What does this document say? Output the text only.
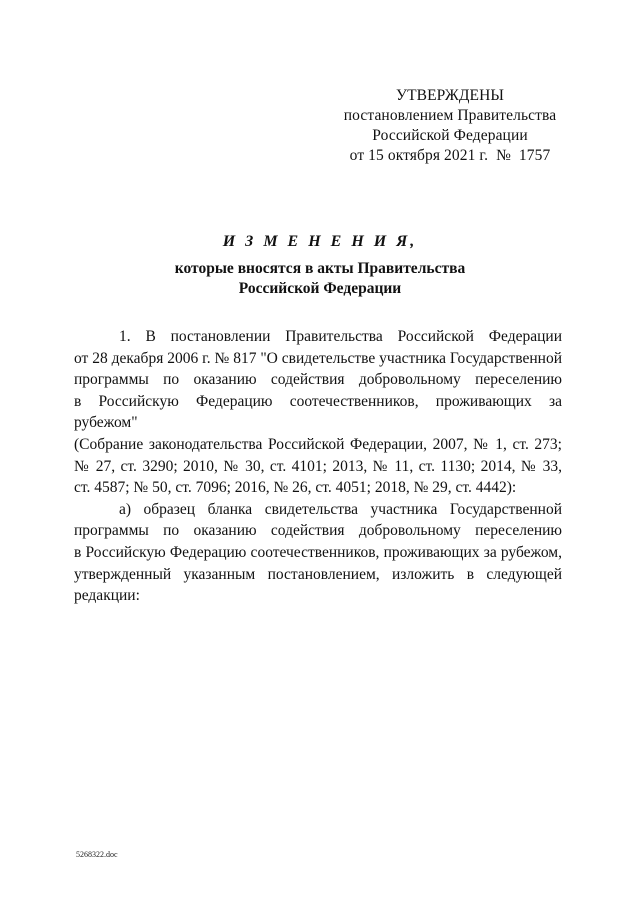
УТВЕРЖДЕНЫ
постановлением Правительства
Российской Федерации
от 15 октября 2021 г.  №  1757
И З М Е Н Е Н И Я,
которые вносятся в акты Правительства
Российской Федерации

1. В постановлении Правительства Российской Федерации
от 28 декабря 2006 г. № 817 "О свидетельстве участника Государственной
программы по оказанию содействия добровольному переселению
в Российскую Федерацию соотечественников, проживающих за рубежом"
(Собрание законодательства Российской Федерации, 2007, № 1, ст. 273;
№ 27, ст. 3290; 2010, № 30, ст. 4101; 2013, № 11, ст. 1130; 2014, № 33,
ст. 4587; № 50, ст. 7096; 2016, № 26, ст. 4051; 2018, № 29, ст. 4442):

а) образец бланка свидетельства участника Государственной
программы по оказанию содействия добровольному переселению
в Российскую Федерацию соотечественников, проживающих за рубежом,
утвержденный указанным постановлением, изложить в следующей
редакции:

5268322.doc
